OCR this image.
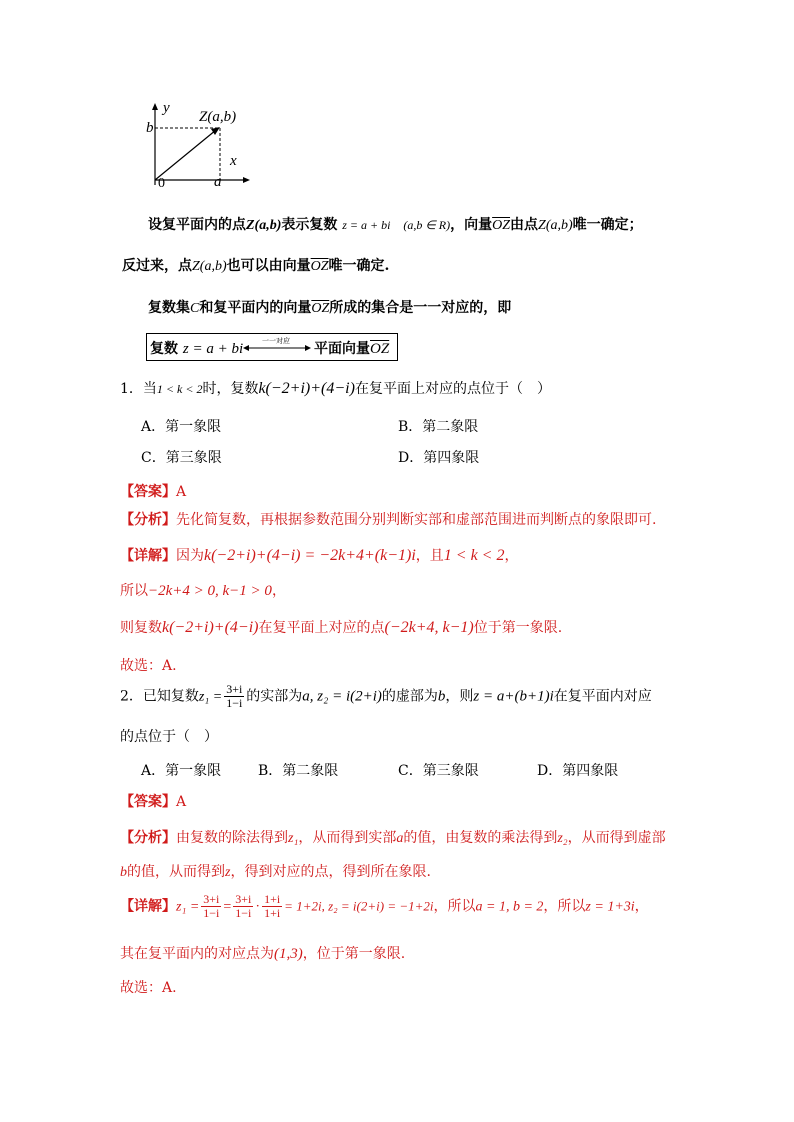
y
b
Z(a,b)
x
0	a
设复平面内的点Z(a,b)表示复数 z = a + bi (a,b ∈ R)，向量$\overline{OZ}$由点Z(a,b)唯一确定；
反过来，点Z(a,b)也可以由向量$\overline{OZ}$唯一确定.
复数集C和复平面内的向量$\overline{OZ}$所成的集合是一一对应的，即
复数 z = a + bi	一一对应 平面向量$\overline{OZ}$
1．当1 < k < 2时，复数k(−2+i)+(4−i)在复平面上对应的点位于（　）
A．第一象限	B．第二象限
C．第三象限	D．第四象限
【答案】A
【分析】先化简复数，再根据参数范围分别判断实部和虚部范围进而判断点的象限即可.
【详解】因为k(−2+i)+(4−i) = −2k+4+(k−1)i，且1 < k < 2，
所以−2k+4 > 0, k−1 > 0，
则复数k(−2+i)+(4−i)在复平面上对应的点(−2k+4, k−1)位于第一象限.
故选：A.
2．已知复数$z_1 = \frac{3+i}{1-i}$ 的实部为a, z₂ = i(2+i)的虚部为b，则z = a+(b+1)i在复平面内对应
的点位于（　）
A．第一象限	B．第二象限	C．第三象限	D．第四象限
【答案】A
【分析】由复数的除法得到z₁，从而得到实部a的值，由复数的乘法得到z₂，从而得到虚部
b的值，从而得到z，得到对应的点，得到所在象限.
【详解】$z_1 = \frac{3+i}{1-i} = \frac{3+i}{1-i} \cdot \frac{1+i}{1+i} = 1+2i$, z₂ = i(2+i) = −1+2i，所以a = 1, b = 2，所以z = 1+3i，
其在复平面内的对应点为(1,3)，位于第一象限.
故选：A.
